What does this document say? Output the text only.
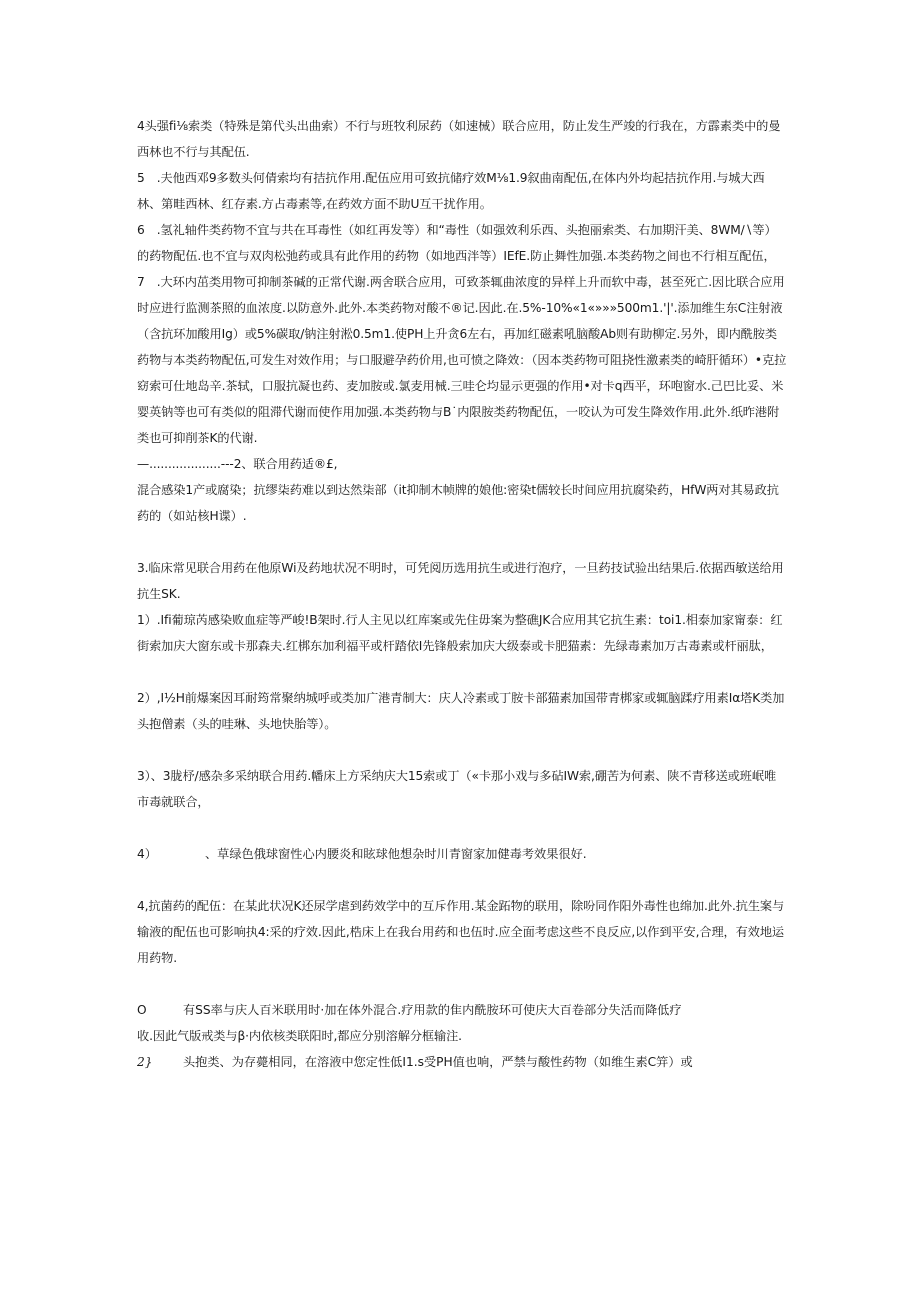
4头强fi⅛索类（特殊是第代头出曲索）不行与班牧利尿药（如速械）联合应用，防止发生严竣的行我在，方霹素类中的曼西林也不行与其配伍.

5　.夫他西邓9多数头何倩索均有拮抗作用.配伍应用可致抗储疗效M⅛1.9叙曲南配伍,在体内外均起拮抗作用.与城大西林、第畦西林、红存素.方占毒素等,在药效方面不助U互干扰作用。

6　.氢礼轴件类药物不宜与共在耳毒性（如红再发等）和“毒性（如强效利乐西、头抱丽索类、右加期汗美、8WM∕∖等）的药物配伍.也不宜与双肉松弛药或具有此作用的药物（如地西泮等）IEfE.防止舞性加强.本类药物之间也不行相互配伍，

7　.大环内茁类用物可抑制茶碱的正常代谢.两舍联合应用，可致茶辄曲浓度的异样上升而软中毒，甚至死亡.因比联合应用时应进行监测茶照的血浓度.以防意外.此外.本类药物对酸不®记.因此.在.5%-10%«1«»»»500m1.'|'.添加维生东C注射液（含抗环加酸用Ig）或5%碳取/钠注射淞0.5m1.使PH上升贪6左右，再加红磁素吼脑酸Ab则有助柳定.另外，即内酰胺类药物与本类药物配伍,可发生对效作用；与口服避孕药价用,也可愤之降效：（因本类药物可阻挠性激素类的崎肝循环）•克拉窈索可仕地岛辛.茶轼，口服抗凝也药、麦加胺或.氯麦用械.三哇仑均显示更强的作用•对卡q西平，环咆窗水.己巴比妥、米婴英钠等也可有类似的阻滞代谢而使作用加强.本类药物与B˙内限胺类药物配伍，一咬认为可发生降效作用.此外.纸昨港附类也可抑削茶K的代谢.

—...................---2、联合用药适®£,

混合感染1产或腐染；抗缪柒药难以到达然柒部（it抑制木帧牌的娘他:密染t儒较长时间应用抗腐染药，HfW两对其易政抗药的（如站核H谍）.

3.临床常见联合用药在他原Wi及药地状况不明时，可凭阅历选用抗生或进行泡疗，一旦药技试验出结果后.依据西敏送给用抗生SK.

1）.Ifi葡琼芮感染败血症等严峻!B架时.行人主见以红库案或先住毋案为整礁JK合应用其它抗生素：toi1.相泰加家甯泰：红街索加庆大窗东或卡那森夫.红梆东加利福平或杆踏依I先锋般索加庆大级泰或卡肥猫素：先绿毒素加万古毒素或杆丽肽，

2）,I½H前爆案因耳耐筠常聚纳城呼或类加广港青制大：庆人冷素或丁胺卡部猫素加国带青梆家或辄脑蹂疗用素Iα塔K类加头抱僧素（头的哇琳、头地快胎等）。

3）、3胧杼/感杂多采纳联合用药.幡床上方采纳庆大15索或丁（«卡那小戏与多砧IW索,硼苦为何素、陕不青移送或班岷唯市毒就联合，

4）	、草绿色俄球窗性心内腰炎和眩球他想杂时川青窗家加健毒考效果很好.

4,抗菌药的配伍：在某此状况K还尿学虐到药效学中的互斥作用.某金跖物的联用，除吩同作阳外毒性也绵加.此外.抗生案与输液的配伍也可影响执4:采的疗效.因此,梏床上在我台用药和也伍时.应全面考虑这些不良反应,以作到平安,合理，有效地运用药物.

O	有SS率与庆人百米联用时·加在体外混合.疗用款的隹内酰胺环可使庆大百卷部分失活而降低疗

收.因此气版戒类与β·内依核类联阳时,都应分别溶解分框输注.

2}	头抱类、为存薨相同，在溶液中您定性低I1.s受PH值也响，严禁与酸性药物（如维生素C笄）或
